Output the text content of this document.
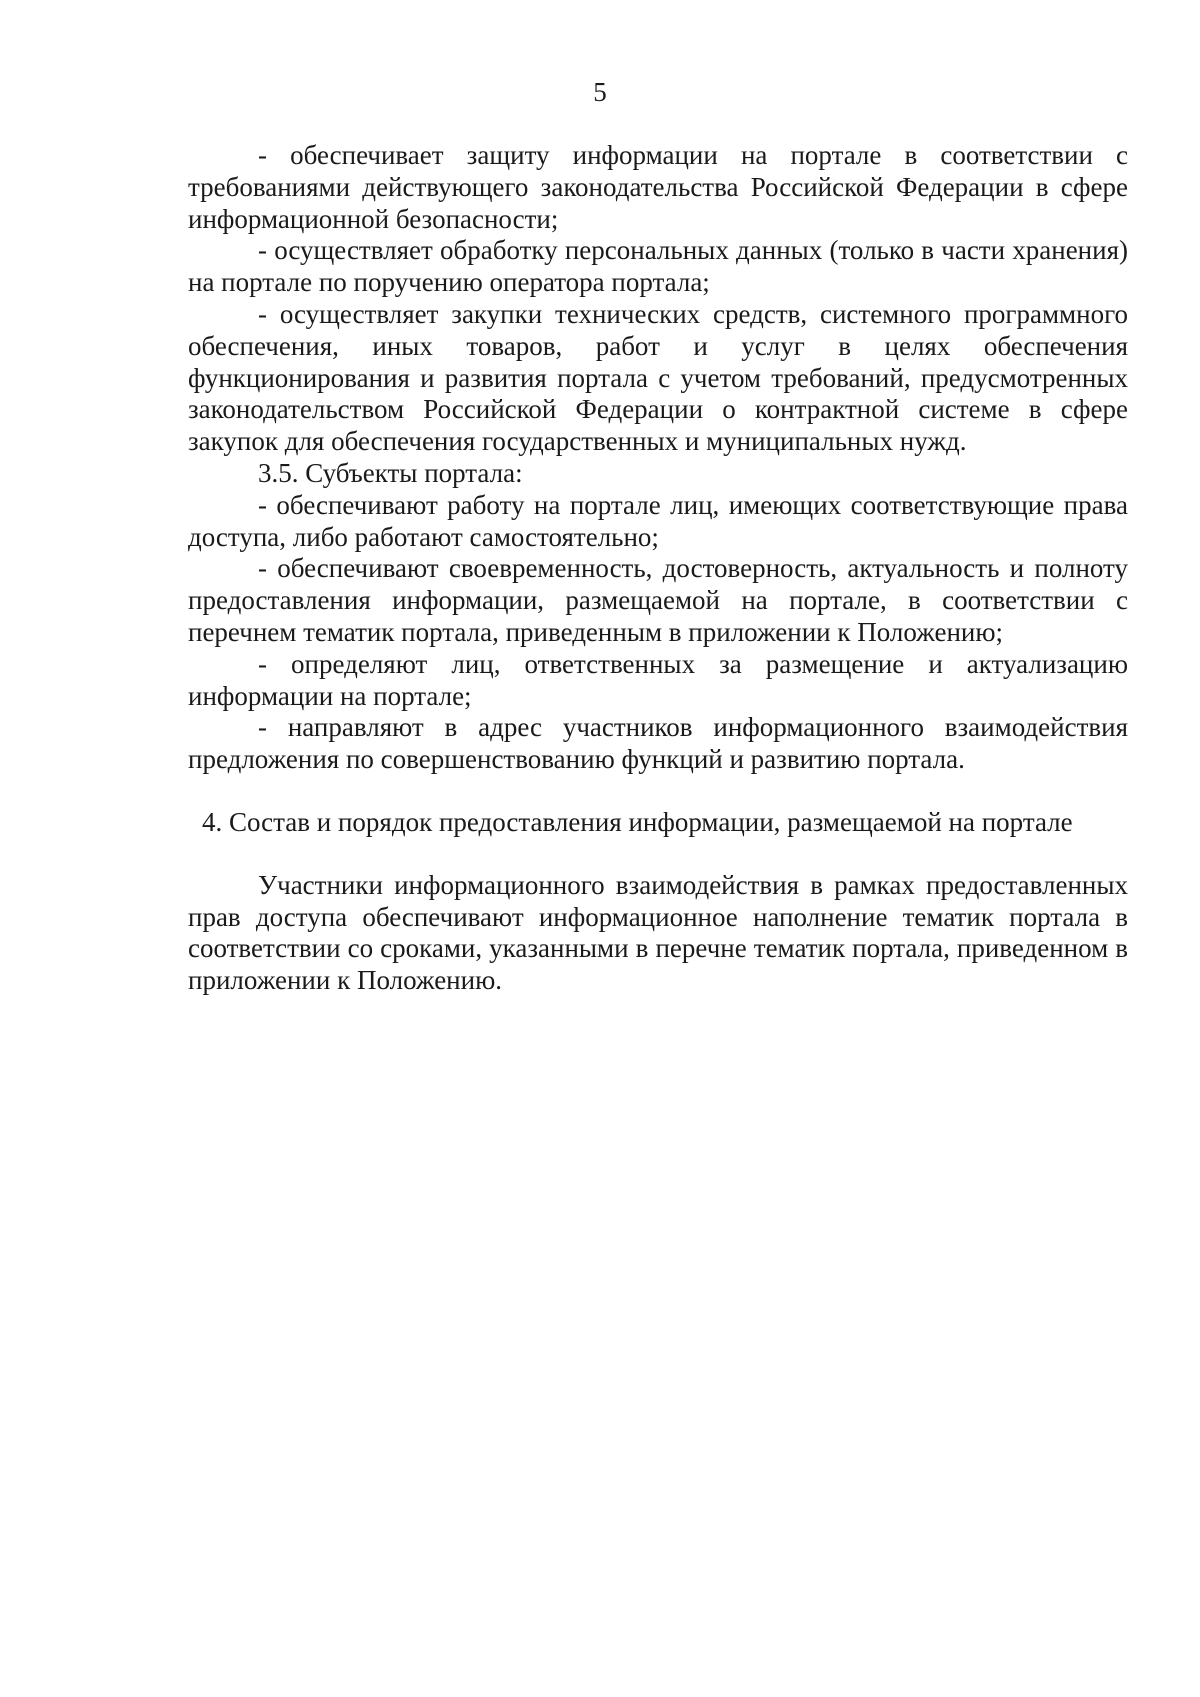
5

- обеспечивает защиту информации на портале в соответствии с требованиями действующего законодательства Российской Федерации в сфере информационной безопасности;

- осуществляет обработку персональных данных (только в части хранения) на портале по поручению оператора портала;

- осуществляет закупки технических средств, системного программного обеспечения, иных товаров, работ и услуг в целях обеспечения функционирования и развития портала с учетом требований, предусмотренных законодательством Российской Федерации о контрактной системе в сфере закупок для обеспечения государственных и муниципальных нужд.

3.5. Субъекты портала:

- обеспечивают работу на портале лиц, имеющих соответствующие права доступа, либо работают самостоятельно;

- обеспечивают своевременность, достоверность, актуальность и полноту предоставления информации, размещаемой на портале, в соответствии с перечнем тематик портала, приведенным в приложении к Положению;

- определяют лиц, ответственных за размещение и актуализацию информации на портале;

- направляют в адрес участников информационного взаимодействия предложения по совершенствованию функций и развитию портала.

4. Состав и порядок предоставления информации, размещаемой на портале

Участники информационного взаимодействия в рамках предоставленных прав доступа обеспечивают информационное наполнение тематик портала в соответствии со сроками, указанными в перечне тематик портала, приведенном в приложении к Положению.
